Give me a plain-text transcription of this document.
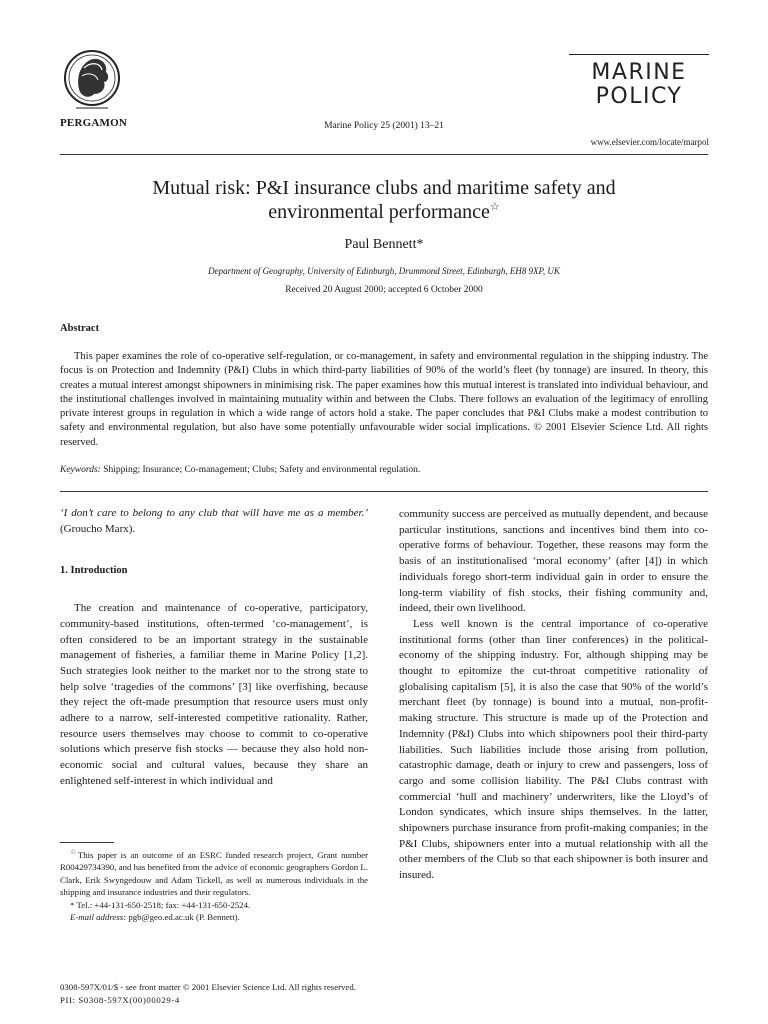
PERGAMON	Marine Policy 25 (2001) 13–21
MARINE
POLICY
www.elsevier.com/locate/marpol
Mutual risk: P&I insurance clubs and maritime safety and
environmental performance☆
Paul Bennett*
Department of Geography, University of Edinburgh, Drummond Street, Edinburgh, EH8 9XP, UK
Received 20 August 2000; accepted 6 October 2000
Abstract
This paper examines the role of co-operative self-regulation, or co-management, in safety and environmental regulation in the shipping industry. The focus is on Protection and Indemnity (P&I) Clubs in which third-party liabilities of 90% of the world’s fleet (by tonnage) are insured. In theory, this creates a mutual interest amongst shipowners in minimising risk. The paper examines how this mutual interest is translated into individual behaviour, and the institutional challenges involved in maintaining mutuality within and between the Clubs. There follows an evaluation of the legitimacy of enrolling private interest groups in regulation in which a wide range of actors hold a stake. The paper concludes that P&I Clubs make a modest contribution to safety and environmental regulation, but also have some potentially unfavourable wider social implications. © 2001 Elsevier Science Ltd. All rights reserved.
Keywords: Shipping; Insurance; Co-management; Clubs; Safety and environmental regulation.

‘I don’t care to belong to any club that will have me as a member.’ (Groucho Marx).

1. Introduction

The creation and maintenance of co-operative, participatory, community-based institutions, often-termed ‘co-management’, is often considered to be an important strategy in the sustainable management of fisheries, a familiar theme in Marine Policy [1,2]. Such strategies look neither to the market nor to the strong state to help solve ‘tragedies of the commons’ [3] like overfishing, because they reject the oft-made presumption that resource users must only adhere to a narrow, self-interested competitive rationality. Rather, resource users themselves may choose to commit to co-operative solutions which preserve fish stocks — because they also hold non-economic social and cultural values, because they share an enlightened self-interest in which individual and

community success are perceived as mutually dependent, and because particular institutions, sanctions and incentives bind them into co-operative forms of behaviour. Together, these reasons may form the basis of an institutionalised ‘moral economy’ (after [4]) in which individuals forego short-term individual gain in order to ensure the long-term viability of fish stocks, their fishing community and, indeed, their own livelihood.

Less well known is the central importance of co-operative institutional forms (other than liner conferences) in the political-economy of the shipping industry. For, although shipping may be thought to epitomize the cut-throat competitive rationality of globalising capitalism [5], it is also the case that 90% of the world’s merchant fleet (by tonnage) is bound into a mutual, non-profit-making structure. This structure is made up of the Protection and Indemnity (P&I) Clubs into which shipowners pool their third-party liabilities. Such liabilities include those arising from pollution, catastrophic damage, death or injury to crew and passengers, loss of cargo and some collision liability. The P&I Clubs contrast with commercial ‘hull and machinery’ underwriters, like the Lloyd’s of London syndicates, which insure ships themselves. In the latter, shipowners purchase insurance from profit-making companies; in the P&I Clubs, shipowners enter into a mutual relationship with all the other members of the Club so that each shipowner is both insurer and insured.

☆This paper is an outcome of an ESRC funded research project, Grant number R00429734390, and has benefited from the advice of economic geographers Gordon L. Clark, Erik Swyngedouw and Adam Tickell, as well as numerous individuals in the shipping and insurance industries and their regulators.

* Tel.: +44-131-650-2518; fax: +44-131-650-2524.

E-mail address: pgb@geo.ed.ac.uk (P. Bennett).

0308-597X/01/$ - see front matter © 2001 Elsevier Science Ltd. All rights reserved.
PII: S0308-597X(00)00029-4
